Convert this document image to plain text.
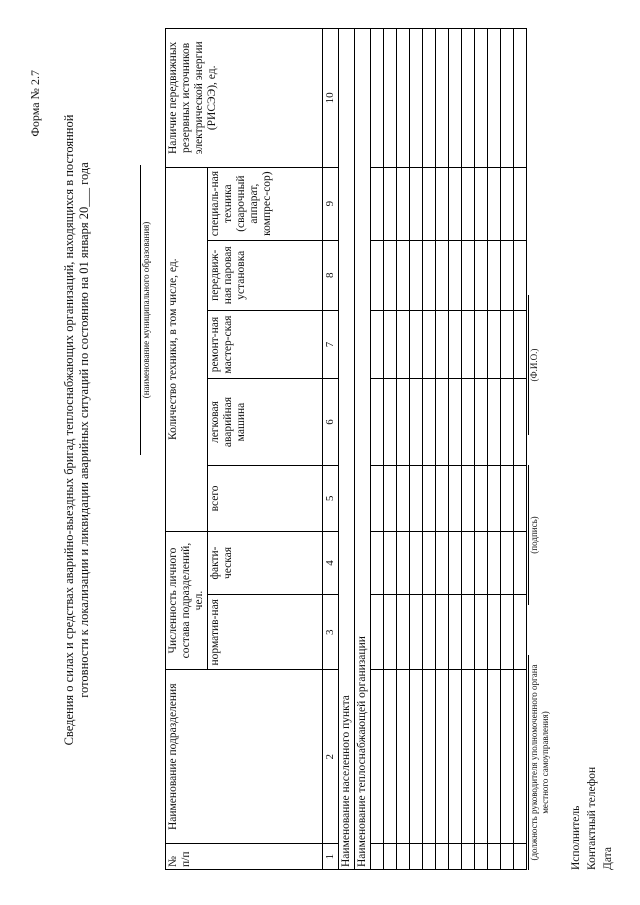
Форма № 2.7
Сведения о силах и средствах аварийно-выездных бригад теплоснабжающих организаций, находящихся в постоянной готовности к локализации и ликвидации аварийных ситуаций по состоянию на 01 января 20___ года	(наименование муниципального образования)
№ п/п	Наименование подразделения	Численность личного состава подразделений, чел.		Количество техники, в том числе, ед.					Наличие передвижных резервных источников электрической энергии (РИСЭЭ), ед.
		норматив-ная	факти-ческая	всего	легковая аварийная машина	ремонт-ная мастер-ская	передвиж-ная паровая установка	специаль-ная техника (сварочный аппарат, компрес-сор)	
1	2	3	4	5	6	7	8	9	10
Наименование населенного пункта									
Наименование теплоснабжающей организации									

										(должность руководителя уполномоченного органа местного самоуправления)
(подпись)
(Ф.И.О.)
Исполнитель Контактный телефон Дата
